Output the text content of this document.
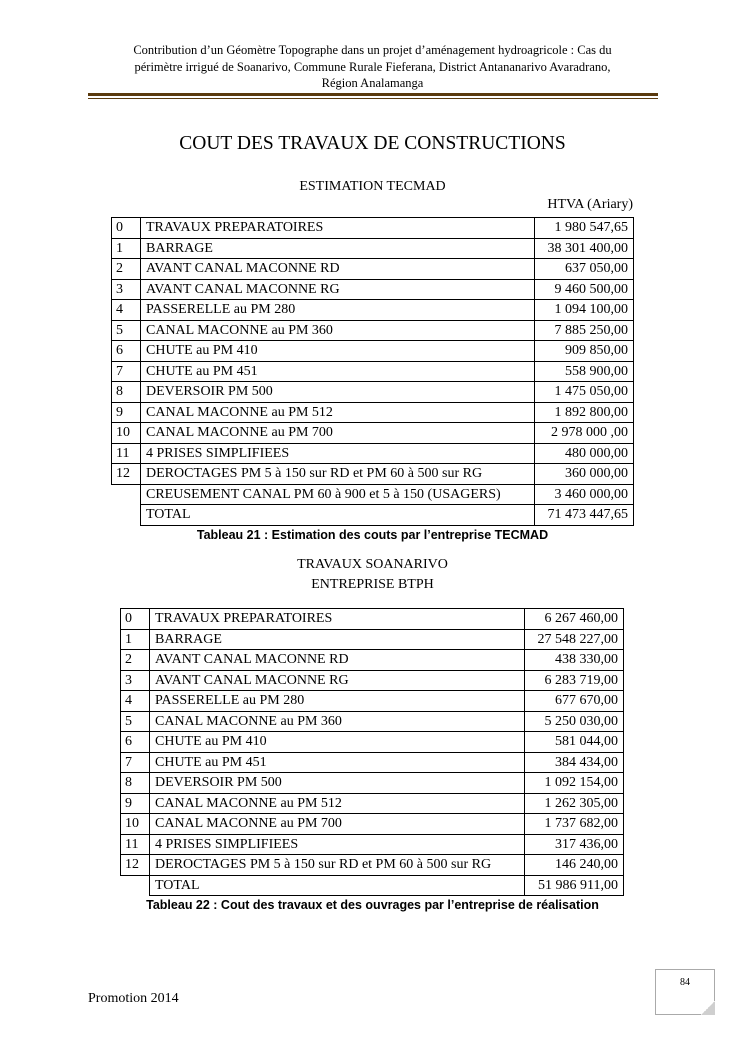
Contribution d’un Géomètre Topographe dans un projet d’aménagement hydroagricole : Cas du
périmètre irrigué de Soanarivo, Commune Rurale Fieferana, District Antananarivo Avaradrano,
Région Analamanga
COUT DES TRAVAUX DE CONSTRUCTIONS
ESTIMATION TECMAD
HTVA (Ariary)
0	TRAVAUX PREPARATOIRES	1 980 547,65
1	BARRAGE	38 301 400,00
2	AVANT CANAL MACONNE RD	637 050,00
3	AVANT CANAL MACONNE RG	9 460 500,00
4	PASSERELLE au PM 280	1 094 100,00
5	CANAL MACONNE au PM 360	7 885 250,00
6	CHUTE au PM 410	909 850,00
7	CHUTE au PM 451	558 900,00
8	DEVERSOIR PM 500	1 475 050,00
9	CANAL MACONNE au PM 512	1 892 800,00
10	CANAL MACONNE au PM 700	2 978 000 ,00
11	4 PRISES SIMPLIFIEES	480 000,00
12	DEROCTAGES PM 5 à 150 sur RD et PM 60 à 500 sur RG	360 000,00
	CREUSEMENT CANAL PM 60 à 900 et 5 à 150 (USAGERS)	3 460 000,00
	TOTAL	71 473 447,65
Tableau 21 : Estimation des couts par l’entreprise TECMAD
TRAVAUX SOANARIVO
ENTREPRISE BTPH
0	TRAVAUX PREPARATOIRES	6 267 460,00
1	BARRAGE	27 548 227,00
2	AVANT CANAL MACONNE RD	438 330,00
3	AVANT CANAL MACONNE RG	6 283 719,00
4	PASSERELLE au PM 280	677 670,00
5	CANAL MACONNE au PM 360	5 250 030,00
6	CHUTE au PM 410	581 044,00
7	CHUTE au PM 451	384 434,00
8	DEVERSOIR PM 500	1 092 154,00
9	CANAL MACONNE au PM 512	1 262 305,00
10	CANAL MACONNE au PM 700	1 737 682,00
11	4 PRISES SIMPLIFIEES	317 436,00
12	DEROCTAGES PM 5 à 150 sur RD et PM 60 à 500 sur RG	146 240,00
	TOTAL	51 986 911,00
Tableau 22 : Cout des travaux et des ouvrages par l’entreprise de réalisation
Promotion 2014
84
